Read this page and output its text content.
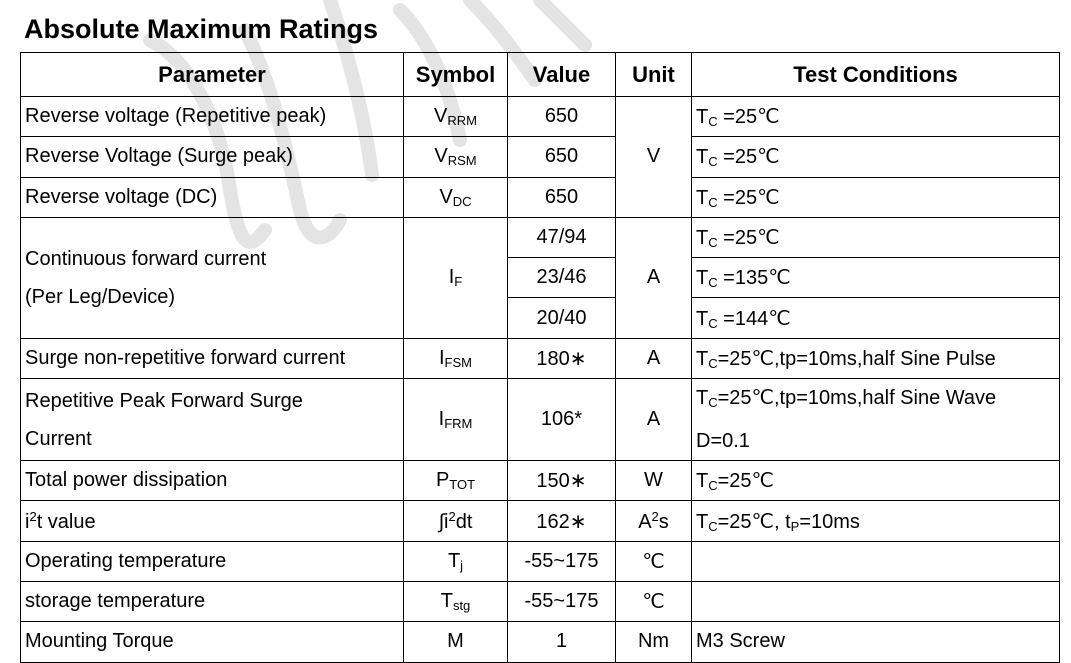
Absolute Maximum Ratings
Parameter	Symbol	Value	Unit	Test Conditions
Reverse voltage (Repetitive peak)	$V_{RRM}$	650	V	$T_C$ =25℃
Reverse Voltage (Surge peak)	$V_{RSM}$	650		$T_C$ =25℃
Reverse voltage (DC)	$V_{DC}$	650		$T_C$ =25℃
Continuous forward current
(Per Leg/Device)	$I_F$	47/94	A	$T_C$ =25℃
		23/46		$T_C$ =135℃
		20/40		$T_C$ =144℃
Surge non-repetitive forward current	$I_{FSM}$	180∗	A	$T_C=25℃,tp=10ms,half$ Sine Pulse
Repetitive Peak Forward Surge
Current	$I_{FRM}$	106*	A	$T_C=25℃,tp=10ms,half$ Sine Wave
D=0.1
Total power dissipation	$P_{TOT}$	150∗	W	$T_C=25℃$
$i^2t$ value	$\int i^2dt$	162∗	$A^2s$	$T_C=25℃$, $t_P=10ms$
Operating temperature	$T_j$	-55~175	℃	
storage temperature	$T_{stg}$	-55~175	℃	
Mounting Torque	M	1	Nm	M3 Screw
